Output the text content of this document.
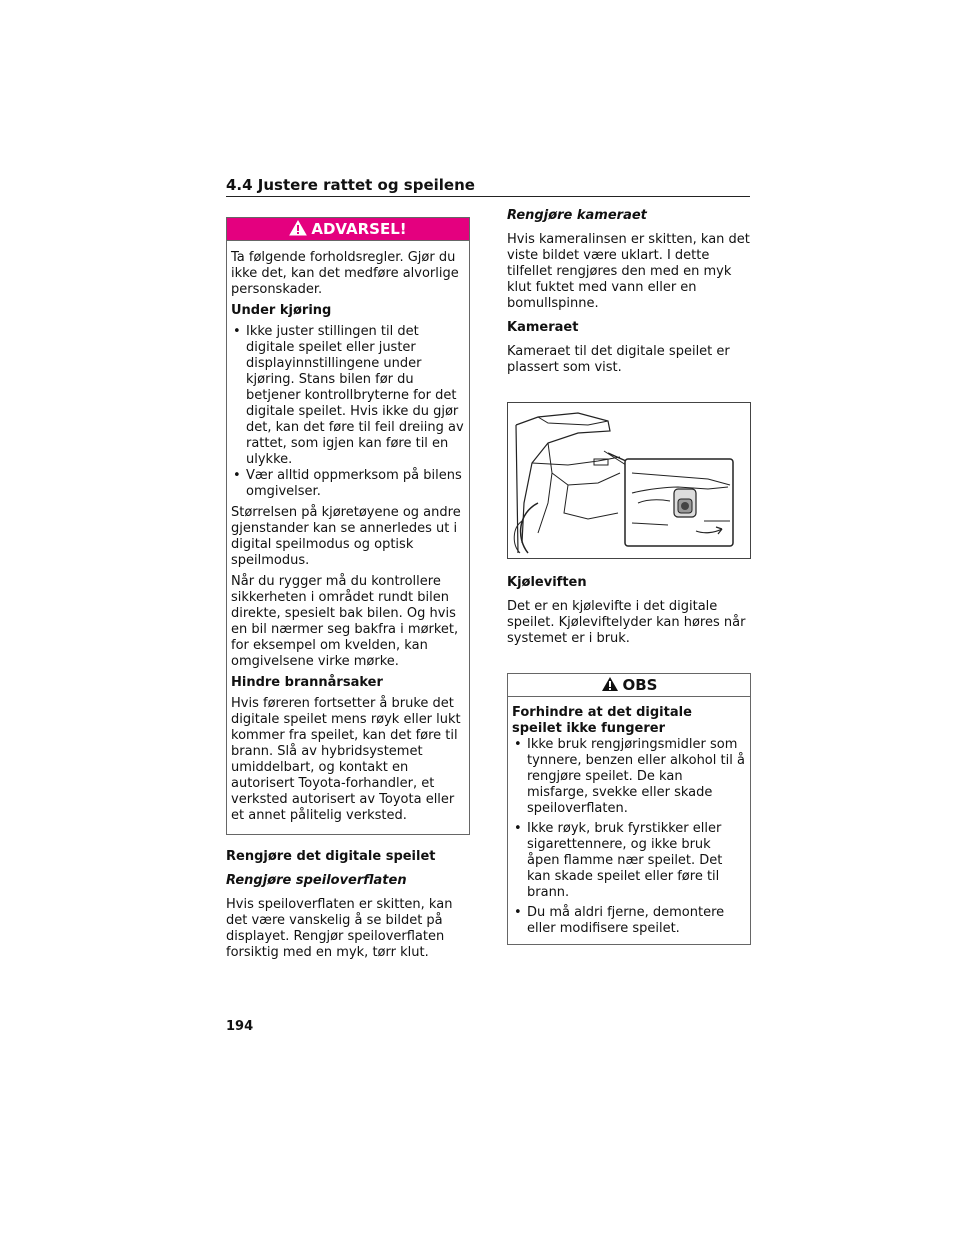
4.4 Justere rattet og speilene
ADVARSEL!

Ta følgende forholdsregler. Gjør du ikke det, kan det medføre alvorlige personskader.

Under kjøring

• Ikke juster stillingen til det digitale speilet eller juster displayinnstillingene under kjøring. Stans bilen før du betjener kontrollbryterne for det digitale speilet. Hvis ikke du gjør det, kan det føre til feil dreiing av rattet, som igjen kan føre til en ulykke.
• Vær alltid oppmerksom på bilens omgivelser.

Størrelsen på kjøretøyene og andre gjenstander kan se annerledes ut i digital speilmodus og optisk speilmodus.

Når du rygger må du kontrollere sikkerheten i området rundt bilen direkte, spesielt bak bilen. Og hvis en bil nærmer seg bakfra i mørket, for eksempel om kvelden, kan omgivelsene virke mørke.

Hindre brannårsaker

Hvis føreren fortsetter å bruke det digitale speilet mens røyk eller lukt kommer fra speilet, kan det føre til brann. Slå av hybridsystemet umiddelbart, og kontakt en autorisert Toyota-forhandler, et verksted autorisert av Toyota eller et annet pålitelig verksted.

Rengjøre det digitale speilet
Rengjøre speiloverflaten

Hvis speiloverflaten er skitten, kan det være vanskelig å se bildet på displayet. Rengjør speiloverflaten forsiktig med en myk, tørr klut.

Rengjøre kameraet

Hvis kameralinsen er skitten, kan det viste bildet være uklart. I dette tilfellet rengjøres den med en myk klut fuktet med vann eller en bomullspinne.

Kameraet

Kameraet til det digitale speilet er plassert som vist.

Kjøleviften

Det er en kjølevifte i det digitale speilet. Kjøleviftelyder kan høres når systemet er i bruk.

OBS

Forhindre at det digitale speilet ikke fungerer

• Ikke bruk rengjøringsmidler som tynnere, benzen eller alkohol til å rengjøre speilet. De kan misfarge, svekke eller skade speiloverflaten.
• Ikke røyk, bruk fyrstikker eller sigarettennere, og ikke bruk åpen flamme nær speilet. Det kan skade speilet eller føre til brann.
• Du må aldri fjerne, demontere eller modifisere speilet.
194
